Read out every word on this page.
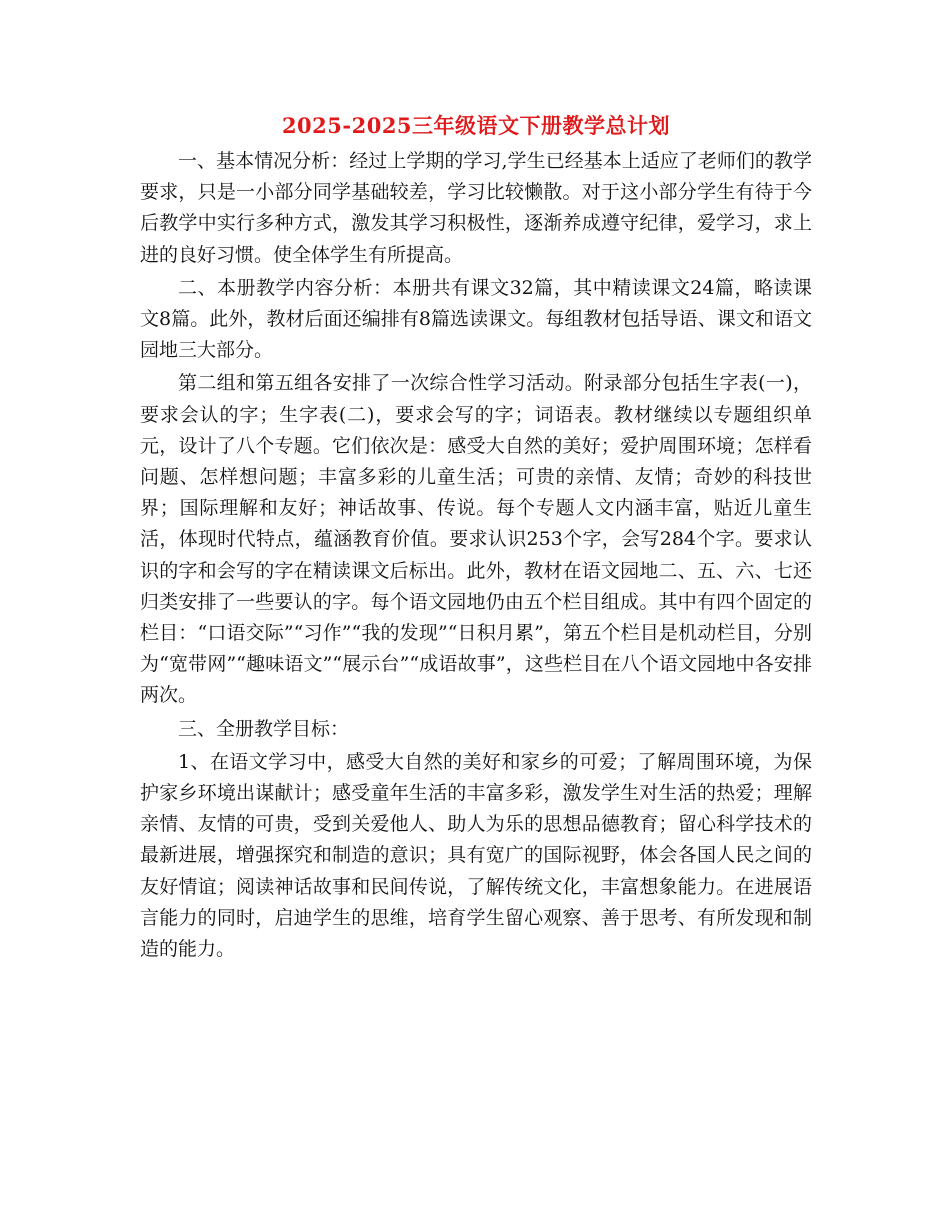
2025-2025三年级语文下册教学总计划

一、基本情况分析：经过上学期的学习,学生已经基本上适应了老师们的教学要求，只是一小部分同学基础较差，学习比较懒散。对于这小部分学生有待于今后教学中实行多种方式，激发其学习积极性，逐渐养成遵守纪律，爱学习，求上进的良好习惯。使全体学生有所提高。

二、本册教学内容分析：本册共有课文32篇，其中精读课文24篇，略读课文8篇。此外，教材后面还编排有8篇选读课文。每组教材包括导语、课文和语文园地三大部分。

第二组和第五组各安排了一次综合性学习活动。附录部分包括生字表(一)，要求会认的字；生字表(二)，要求会写的字；词语表。教材继续以专题组织单元，设计了八个专题。它们依次是：感受大自然的美好；爱护周围环境；怎样看问题、怎样想问题；丰富多彩的儿童生活；可贵的亲情、友情；奇妙的科技世界；国际理解和友好；神话故事、传说。每个专题人文内涵丰富，贴近儿童生活，体现时代特点，蕴涵教育价值。要求认识253个字，会写284个字。要求认识的字和会写的字在精读课文后标出。此外，教材在语文园地二、五、六、七还归类安排了一些要认的字。每个语文园地仍由五个栏目组成。其中有四个固定的栏目：“口语交际”“习作”“我的发现”“日积月累”，第五个栏目是机动栏目，分别为“宽带网”“趣味语文”“展示台”“成语故事”，这些栏目在八个语文园地中各安排两次。

三、全册教学目标：

1、在语文学习中，感受大自然的美好和家乡的可爱；了解周围环境，为保护家乡环境出谋献计；感受童年生活的丰富多彩，激发学生对生活的热爱；理解亲情、友情的可贵，受到关爱他人、助人为乐的思想品德教育；留心科学技术的最新进展，增强探究和制造的意识；具有宽广的国际视野，体会各国人民之间的友好情谊；阅读神话故事和民间传说，了解传统文化，丰富想象能力。在进展语言能力的同时，启迪学生的思维，培育学生留心观察、善于思考、有所发现和制造的能力。
